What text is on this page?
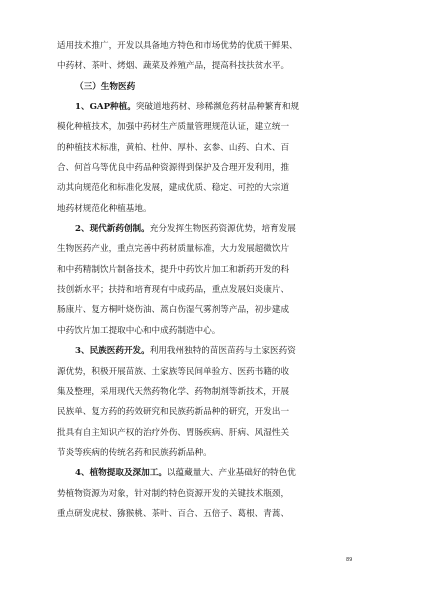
适用技术推广，开发以具备地方特色和市场优势的优质干鲜果、
中药材、茶叶、烤烟、蔬菜及养殖产品，提高科技扶贫水平。

（三）生物医药

1、GAP种植。突破道地药材、珍稀濒危药材品种繁育和规
模化种植技术，加强中药材生产质量管理规范认证，建立统一
的种植技术标准，黄柏、杜仲、厚朴、玄参、山药、白术、百
合、何首乌等优良中药品种资源得到保护及合理开发利用，推
动其向规范化和标准化发展，建成优质、稳定、可控的大宗道
地药材规范化种植基地。

2、现代新药创制。充分发挥生物医药资源优势，培育发展
生物医药产业，重点完善中药材质量标准，大力发展超微饮片
和中药精制饮片制备技术，提升中药饮片加工和新药开发的科
技创新水平；扶持和培育现有中成药品，重点发展妇炎康片、
肠康片、复方桐叶烧伤油、蒿白伤湿气雾剂等产品，初步建成
中药饮片加工提取中心和中成药制造中心。

3、民族医药开发。利用我州独特的苗医苗药与土家医药资
源优势，积极开展苗族、土家族等民间单验方、医药书籍的收
集及整理，采用现代天然药物化学、药物制剂等新技术，开展
民族单、复方药的药效研究和民族药新品种的研究，开发出一
批具有自主知识产权的治疗外伤、胃肠疾病、肝病、风湿性关
节炎等疾病的传统名药和民族药新品种。

4、植物提取及深加工。以蕴藏量大、产业基础好的特色优
势植物资源为对象，针对制约特色资源开发的关键技术瓶颈，
重点研发虎杖、猕猴桃、茶叶、百合、五倍子、葛根、青蒿、

89
